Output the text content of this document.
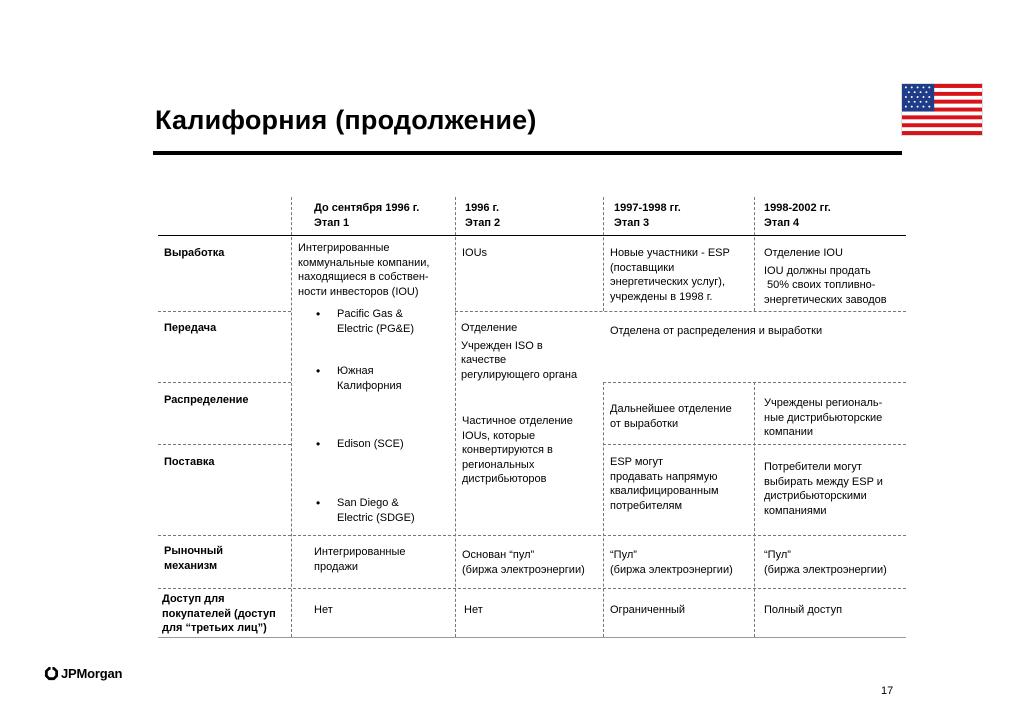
Калифорния (продолжение)
До сентября 1996 г.
Этап 1
1996 г.
Этап 2
1997-1998 гг.
Этап 3
1998-2002 гг.
Этап 4
Выработка
Передача
Распределение
Поставка
Рыночный
механизм
Доступ для
покупателей (доступ
для “третьих лиц”)
Интегрированные
коммунальные компании,
находящиеся в собствен-
ности инвесторов (IOU)
• Pacific Gas &
Electric (PG&E)
• Южная
Калифорния
• Edison (SCE)
• San Diego &
Electric (SDGE)
Интегрированные
продажи
Нет
IOUs
Отделение
Учрежден ISO в
качестве
регулирующего органа
Частичное отделение
IOUs, которые
конвертируются в
региональных
дистрибьюторов
Основан “пул”
(биржа электроэнергии)
Нет
Новые участники - ESP
(поставщики
энергетических услуг),
учреждены в 1998 г.
Отделена от распределения и выработки
Дальнейшее отделение
от выработки
ESP могут
продавать напрямую
квалифицированным
потребителям
“Пул”
(биржа электроэнергии)
Ограниченный
Отделение IOU
IOU должны продать
50% своих топливно-
энергетических заводов
Учреждены региональ-
ные дистрибьюторские
компании
Потребители могут
выбирать между ESP и
дистрибьюторскими
компаниями
“Пул”
(биржа электроэнергии)
Полный доступ
JPMorgan
17
